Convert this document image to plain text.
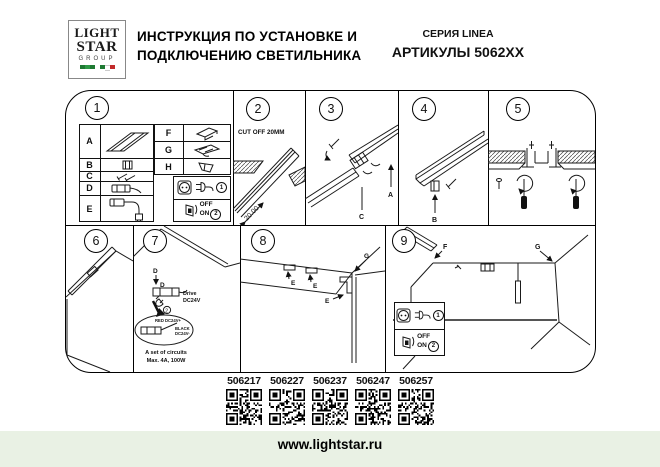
LIGHT
STAR
GROUP
ИНСТРУКЦИЯ ПО УСТАНОВКЕ И
ПОДКЛЮЧЕНИЮ СВЕТИЛЬНИКА
СЕРИЯ LINEA
АРТИКУЛЫ 5062XX
1
A
B
C
D
E
F
G
H
1
OFF
ON 2
2
CUT OFF 20MM
20.00
3
A
C
4
B
5
6	7
D
D
Drive
DC24V
2
RED DC24V+
BLACK
DC24V-
A set of circuits
Max. 4A, 100W
8
E	E
E
G
9	F	G
1
OFF
ON 2
506217 506227 506237 506247 506257
www.lightstar.ru
